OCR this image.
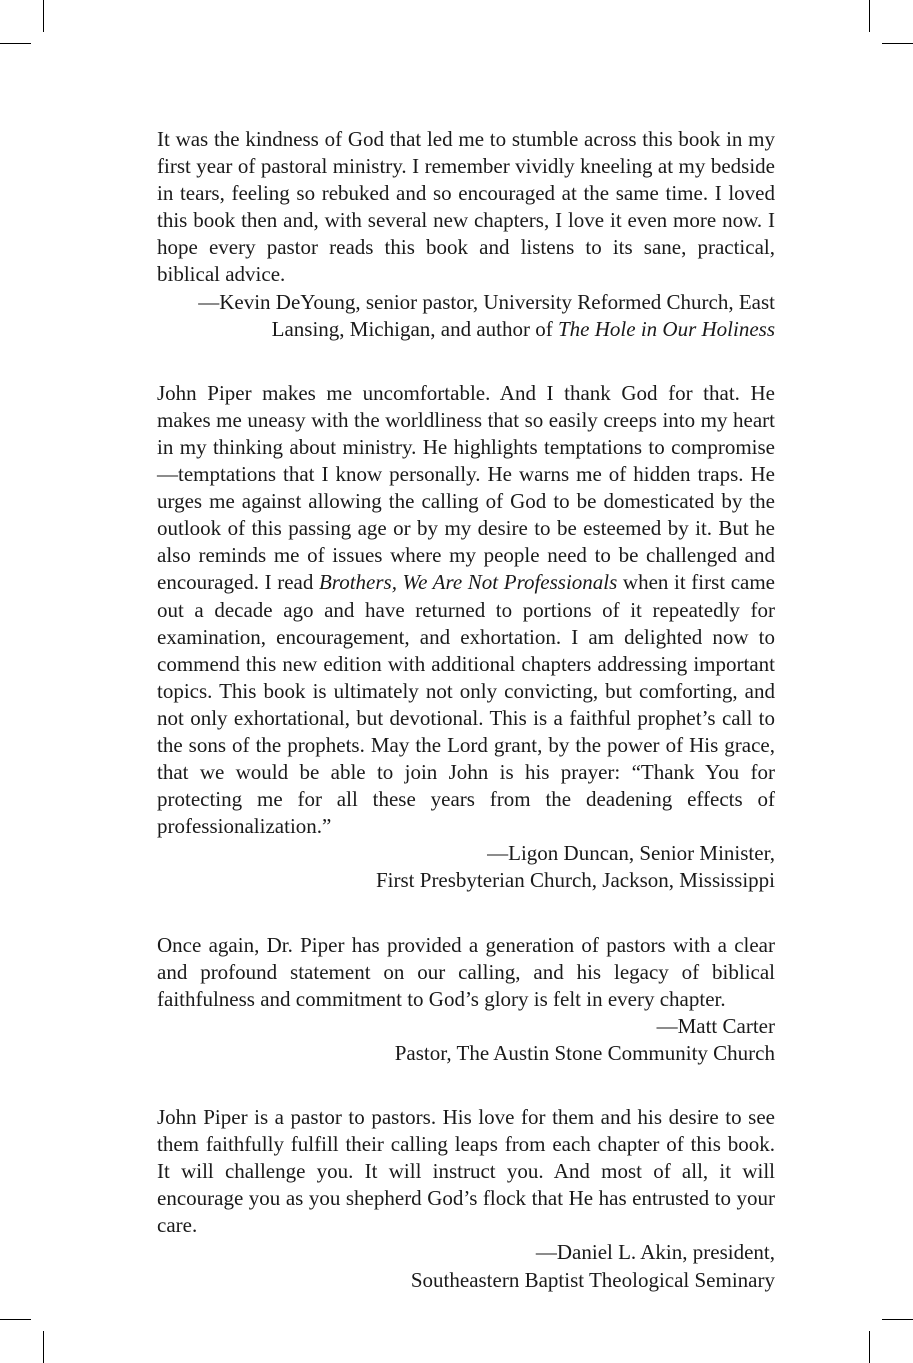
It was the kindness of God that led me to stumble across this book in my first year of pastoral ministry. I remember vividly kneeling at my bedside in tears, feeling so rebuked and so encouraged at the same time. I loved this book then and, with several new chapters, I love it even more now. I hope every pastor reads this book and listens to its sane, practical, biblical advice.

—Kevin DeYoung, senior pastor, University Reformed Church, East
Lansing, Michigan, and author of The Hole in Our Holiness

John Piper makes me uncomfortable. And I thank God for that. He makes me uneasy with the worldliness that so easily creeps into my heart in my thinking about ministry. He highlights temptations to compromise—temptations that I know personally. He warns me of hidden traps. He urges me against allowing the calling of God to be domesticated by the outlook of this passing age or by my desire to be esteemed by it. But he also reminds me of issues where my people need to be challenged and encouraged. I read Brothers, We Are Not Professionals when it first came out a decade ago and have returned to portions of it repeatedly for examination, encouragement, and exhortation. I am delighted now to commend this new edition with additional chapters addressing important topics. This book is ultimately not only convicting, but comforting, and not only exhortational, but devotional. This is a faithful prophet’s call to the sons of the prophets. May the Lord grant, by the power of His grace, that we would be able to join John is his prayer: “Thank You for protecting me for all these years from the deadening effects of professionalization.”

—Ligon Duncan, Senior Minister,
First Presbyterian Church, Jackson, Mississippi

Once again, Dr. Piper has provided a generation of pastors with a clear and profound statement on our calling, and his legacy of biblical faithfulness and commitment to God’s glory is felt in every chapter.

—Matt Carter
Pastor, The Austin Stone Community Church

John Piper is a pastor to pastors. His love for them and his desire to see them faithfully fulfill their calling leaps from each chapter of this book. It will challenge you. It will instruct you. And most of all, it will encourage you as you shepherd God’s flock that He has entrusted to your care.

—Daniel L. Akin, president,
Southeastern Baptist Theological Seminary
